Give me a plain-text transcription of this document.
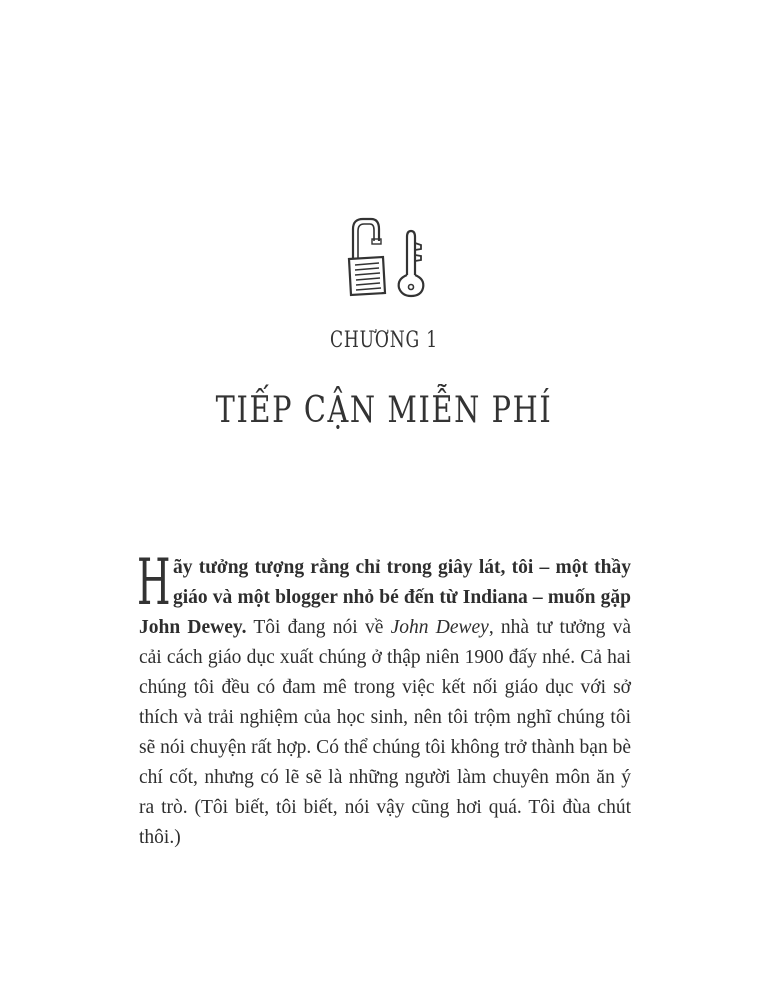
CHƯƠNG 1
TIẾP CẬN MIỄN PHÍ
Hãy tưởng tượng rằng chỉ trong giây lát, tôi – một thầy giáo và một blogger nhỏ bé đến từ Indiana – muốn gặp John Dewey. Tôi đang nói về John Dewey, nhà tư tưởng và cải cách giáo dục xuất chúng ở thập niên 1900 đấy nhé. Cả hai chúng tôi đều có đam mê trong việc kết nối giáo dục với sở thích và trải nghiệm của học sinh, nên tôi trộm nghĩ chúng tôi sẽ nói chuyện rất hợp. Có thể chúng tôi không trở thành bạn bè chí cốt, nhưng có lẽ sẽ là những người làm chuyên môn ăn ý ra trò. (Tôi biết, tôi biết, nói vậy cũng hơi quá. Tôi đùa chút thôi.)
